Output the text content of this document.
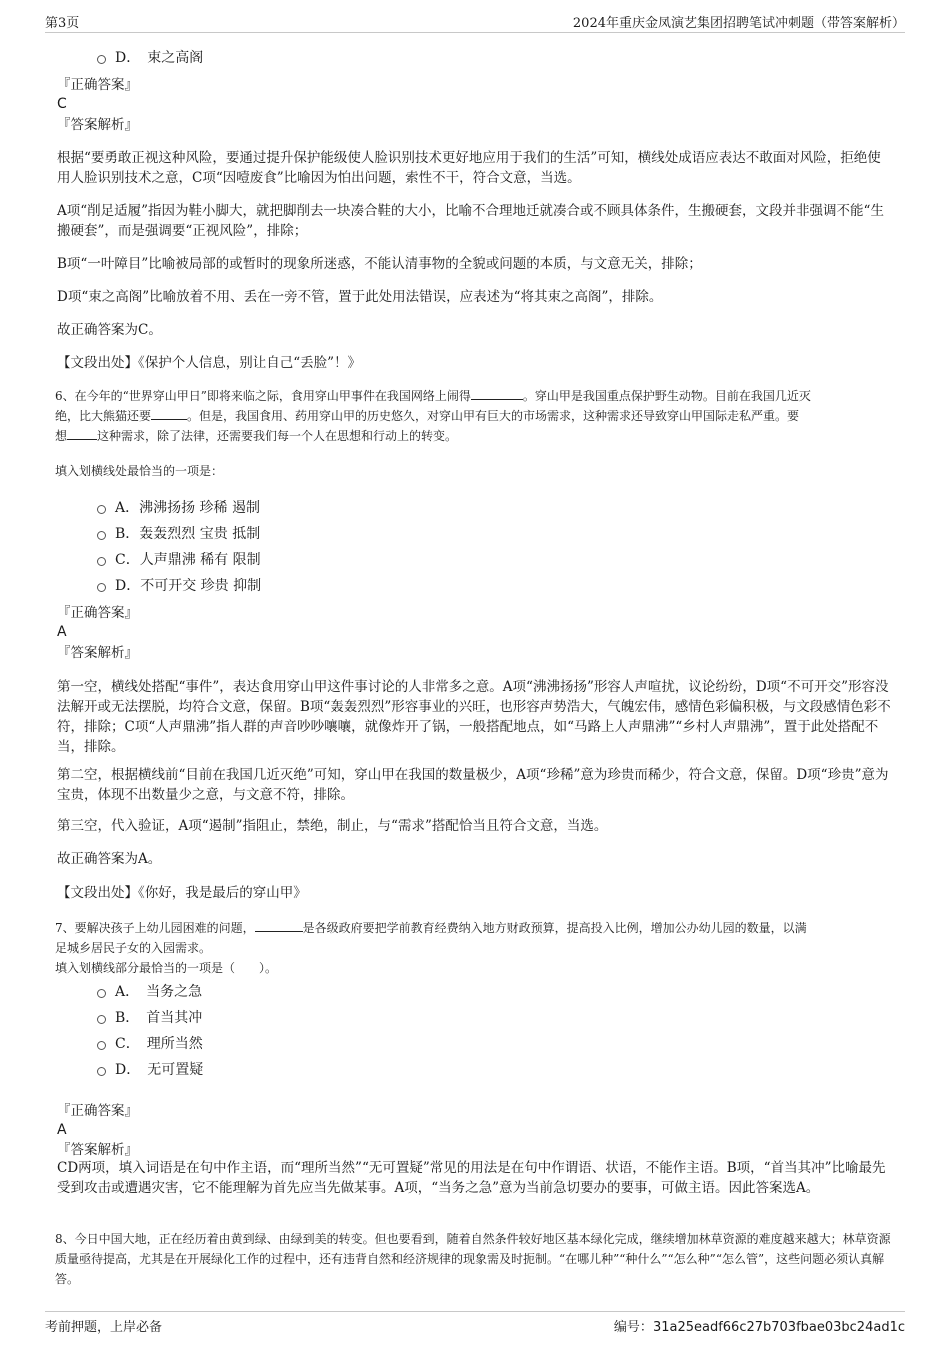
第3页	2024年重庆金凤演艺集团招聘笔试冲刺题（带答案解析）
D．　束之高阁
『正确答案』
C
『答案解析』
根据“要勇敢正视这种风险，要通过提升保护能级使人脸识别技术更好地应用于我们的生活”可知，横线处成语应表达不敢面对风险，拒绝使用人脸识别技术之意，C项“因噎废食”比喻因为怕出问题，索性不干，符合文意，当选。
A项“削足适履”指因为鞋小脚大，就把脚削去一块凑合鞋的大小，比喻不合理地迁就凑合或不顾具体条件，生搬硬套，文段并非强调不能“生搬硬套”，而是强调要“正视风险”，排除；
B项“一叶障目”比喻被局部的或暂时的现象所迷惑，不能认清事物的全貌或问题的本质，与文意无关，排除；
D项“束之高阁”比喻放着不用、丢在一旁不管，置于此处用法错误，应表述为“将其束之高阁”，排除。
故正确答案为C。
【文段出处】《保护个人信息，别让自己“丢脸”！》
6、在今年的“世界穿山甲日”即将来临之际，食用穿山甲事件在我国网络上闹得	。穿山甲是我国重点保护野生动物。目前在我国几近灭
绝，比大熊猫还要	。但是，我国食用、药用穿山甲的历史悠久，对穿山甲有巨大的市场需求，这种需求还导致穿山甲国际走私严重。要
想	这种需求，除了法律，还需要我们每一个人在思想和行动上的转变。
填入划横线处最恰当的一项是：
A．沸沸扬扬 珍稀 遏制
B．轰轰烈烈 宝贵 抵制
C．人声鼎沸 稀有 限制
D．不可开交 珍贵 抑制
『正确答案』
A
『答案解析』
第一空，横线处搭配“事件”，表达食用穿山甲这件事讨论的人非常多之意。A项“沸沸扬扬”形容人声喧扰，议论纷纷，D项“不可开交”形容没法解开或无法摆脱，均符合文意，保留。B项“轰轰烈烈”形容事业的兴旺，也形容声势浩大，气魄宏伟，感情色彩偏积极，与文段感情色彩不符，排除；C项“人声鼎沸”指人群的声音吵吵嚷嚷，就像炸开了锅，一般搭配地点，如“马路上人声鼎沸”“乡村人声鼎沸”，置于此处搭配不当，排除。
第二空，根据横线前“目前在我国几近灭绝”可知，穿山甲在我国的数量极少，A项“珍稀”意为珍贵而稀少，符合文意，保留。D项“珍贵”意为宝贵，体现不出数量少之意，与文意不符，排除。
第三空，代入验证，A项“遏制”指阻止，禁绝，制止，与“需求”搭配恰当且符合文意，当选。
故正确答案为A。
【文段出处】《你好，我是最后的穿山甲》
7、要解决孩子上幼儿园困难的问题，	是各级政府要把学前教育经费纳入地方财政预算，提高投入比例，增加公办幼儿园的数量，以满
足城乡居民子女的入园需求。
填入划横线部分最恰当的一项是（　　）。
A．　当务之急
B．　首当其冲
C．　理所当然
D．　无可置疑
『正确答案』
A
『答案解析』
CD两项，填入词语是在句中作主语，而“理所当然”“无可置疑”常见的用法是在句中作谓语、状语，不能作主语。B项，“首当其冲”比喻最先受到攻击或遭遇灾害，它不能理解为首先应当先做某事。A项，“当务之急”意为当前急切要办的要事，可做主语。因此答案选A。
8、今日中国大地，正在经历着由黄到绿、由绿到美的转变。但也要看到，随着自然条件较好地区基本绿化完成，继续增加林草资源的难度越来越大；林草资源质量亟待提高，尤其是在开展绿化工作的过程中，还有违背自然和经济规律的现象需及时扼制。“在哪儿种”“种什么”“怎么种”“怎么管”，这些问题必须认真解答。
考前押题，上岸必备	编号：31a25eadf66c27b703fbae03bc24ad1c
